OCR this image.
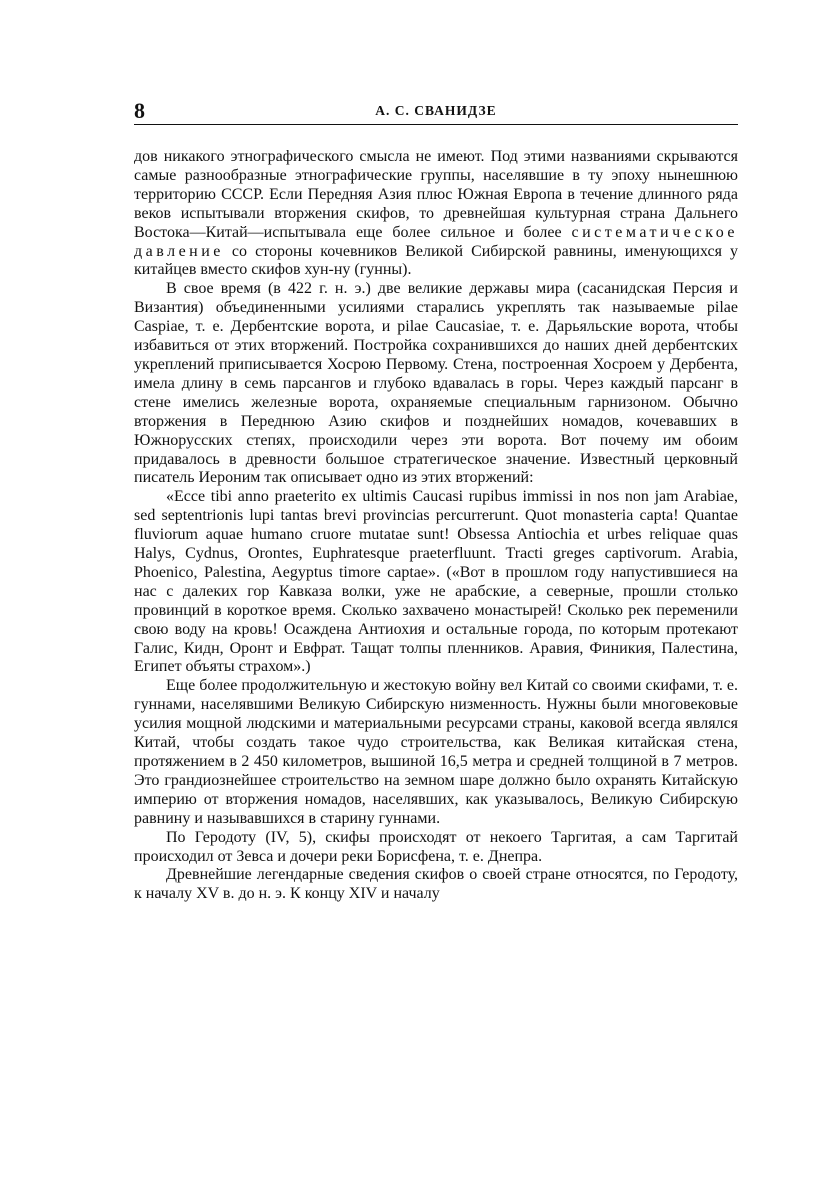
8	А. С. СВАНИДЗЕ

дов никакого этнографического смысла не имеют. Под этими названиями скрываются самые разнообразные этнографические группы, населявшие в ту эпоху нынешнюю территорию СССР. Если Передняя Азия плюс Южная Европа в течение длинного ряда веков испытывали вторжения скифов, то древнейшая культурная страна Дальнего Востока—Китай—испытывала еще более сильное и более систематическое давление со стороны кочевников Великой Сибирской равнины, именующихся у китайцев вместо скифов хун-ну (гунны).

В свое время (в 422 г. н. э.) две великие державы мира (сасанидская Персия и Византия) объединенными усилиями старались укреплять так называемые pilae Caspiae, т. е. Дербентские ворота, и pilae Caucasiae, т. е. Дарьяльские ворота, чтобы избавиться от этих вторжений. Постройка сохранившихся до наших дней дербентских укреплений приписывается Хосрою Первому. Стена, построенная Хосроем у Дербента, имела длину в семь парсангов и глубоко вдавалась в горы. Через каждый парсанг в стене имелись железные ворота, охраняемые специальным гарнизоном. Обычно вторжения в Переднюю Азию скифов и позднейших номадов, кочевавших в Южнорусских степях, происходили через эти ворота. Вот почему им обоим придавалось в древности большое стратегическое значение. Известный церковный писатель Иероним так описывает одно из этих вторжений:

«Ecce tibi anno praeterito ex ultimis Caucasi rupibus immissi in nos non jam Arabiae, sed septentrionis lupi tantas brevi provincias percurrerunt. Quot monasteria capta! Quantae fluviorum aquae humano cruore mutatae sunt! Obsessa Antiochia et urbes reliquae quas Halys, Cydnus, Orontes, Euphratesque praeterfluunt. Tracti greges captivorum. Arabia, Phoenico, Palestina, Aegyptus timore captae». («Вот в прошлом году напустившиеся на нас с далеких гор Кавказа волки, уже не арабские, а северные, прошли столько провинций в короткое время. Сколько захвачено монастырей! Сколько рек переменили свою воду на кровь! Осаждена Антиохия и остальные города, по которым протекают Галис, Кидн, Оронт и Евфрат. Тащат толпы пленников. Аравия, Финикия, Палестина, Египет объяты страхом».)

Еще более продолжительную и жестокую войну вел Китай со своими скифами, т. е. гуннами, населявшими Великую Сибирскую низменность. Нужны были многовековые усилия мощной людскими и материальными ресурсами страны, каковой всегда являлся Китай, чтобы создать такое чудо строительства, как Великая китайская стена, протяжением в 2 450 километров, вышиной 16,5 метра и средней толщиной в 7 метров. Это грандиознейшее строительство на земном шаре должно было охранять Китайскую империю от вторжения номадов, населявших, как указывалось, Великую Сибирскую равнину и называвшихся в старину гуннами.

По Геродоту (IV, 5), скифы происходят от некоего Таргитая, а сам Таргитай происходил от Зевса и дочери реки Борисфена, т. е. Днепра.

Древнейшие легендарные сведения скифов о своей стране относятся, по Геродоту, к началу XV в. до н. э. К концу XIV и началу
